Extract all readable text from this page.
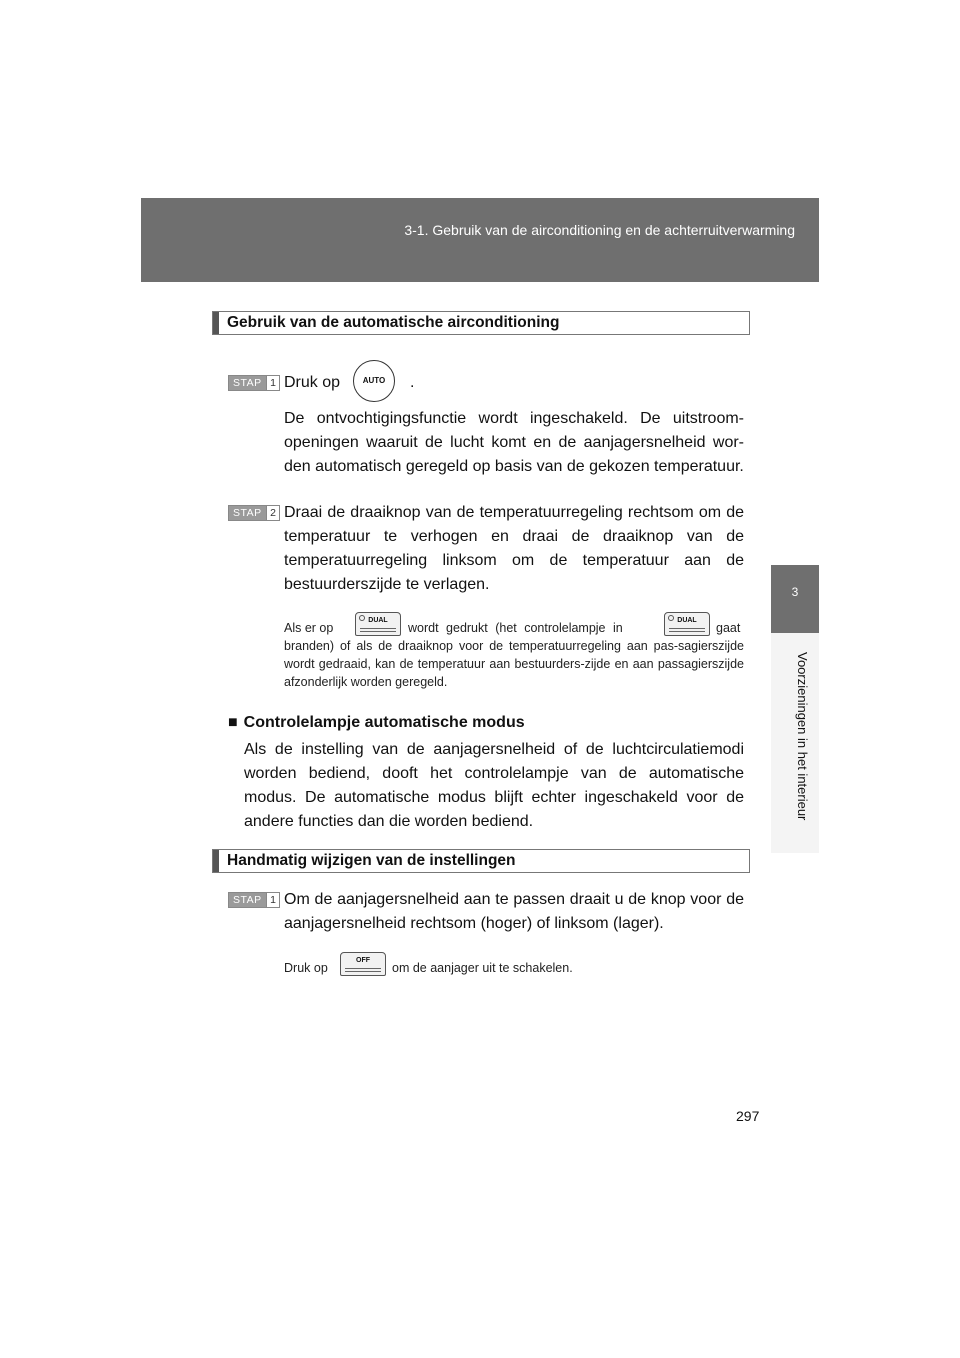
3-1. Gebruik van de airconditioning en de achterruitverwarming
3
Voorzieningen in het interieur
Gebruik van de automatische airconditioning
STAP 1 Druk op	AUTO	.
De ontvochtigingsfunctie wordt ingeschakeld. De uitstroom-openingen waaruit de lucht komt en de aanjagersnelheid wor-den automatisch geregeld op basis van de gekozen temperatuur.
STAP 2 Draai de draaiknop van de temperatuurregeling rechtsom om de temperatuur te verhogen en draai de draaiknop van de temperatuurregeling linksom om de temperatuur aan de bestuurderszijde te verlagen.
Als er op
DUAL
wordt gedrukt (het controlelampje in
DUAL
gaat branden) of als de draaiknop voor de temperatuurregeling aan pas-sagierszijde wordt gedraaid, kan de temperatuur aan bestuurders-zijde en aan passagierszijde afzonderlijk worden geregeld.
■ Controlelampje automatische modus
Als de instelling van de aanjagersnelheid of de luchtcirculatiemodi worden bediend, dooft het controlelampje van de automatische modus. De automatische modus blijft echter ingeschakeld voor de andere functies dan die worden bediend.
Handmatig wijzigen van de instellingen
STAP 1 Om de aanjagersnelheid aan te passen draait u de knop voor de aanjagersnelheid rechtsom (hoger) of linksom (lager).
Druk op
OFF
om de aanjager uit te schakelen.
297
